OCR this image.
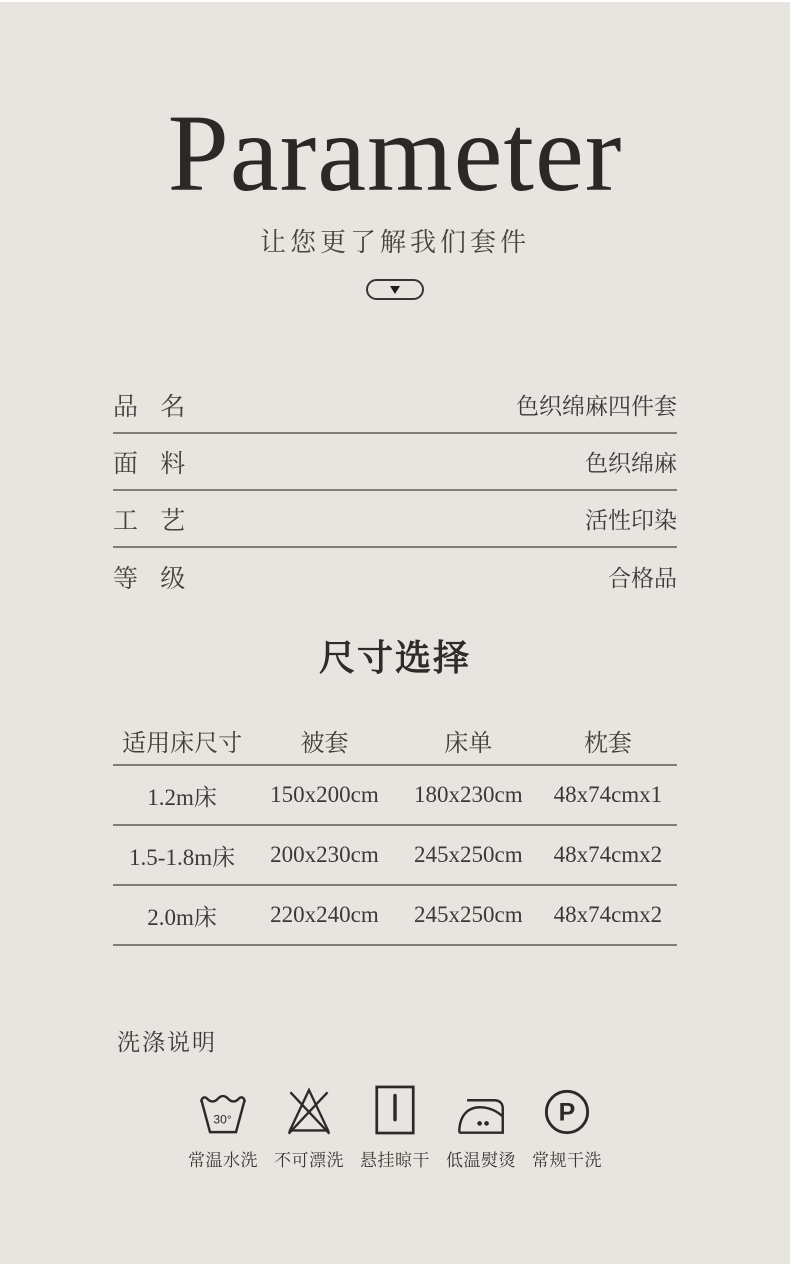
Parameter
让您更了解我们套件
品 名	色织绵麻四件套
面 料	色织绵麻
工 艺	活性印染
等 级	合格品
尺寸选择
适用床尺寸	被套	床单	枕套
1.2m床	150x200cm	180x230cm	48x74cmx1
1.5-1.8m床	200x230cm	245x250cm	48x74cmx2
2.0m床	220x240cm	245x250cm	48x74cmx2
洗涤说明
30°
常温水洗 不可漂洗 悬挂晾干 低温熨烫
P
常规干洗
